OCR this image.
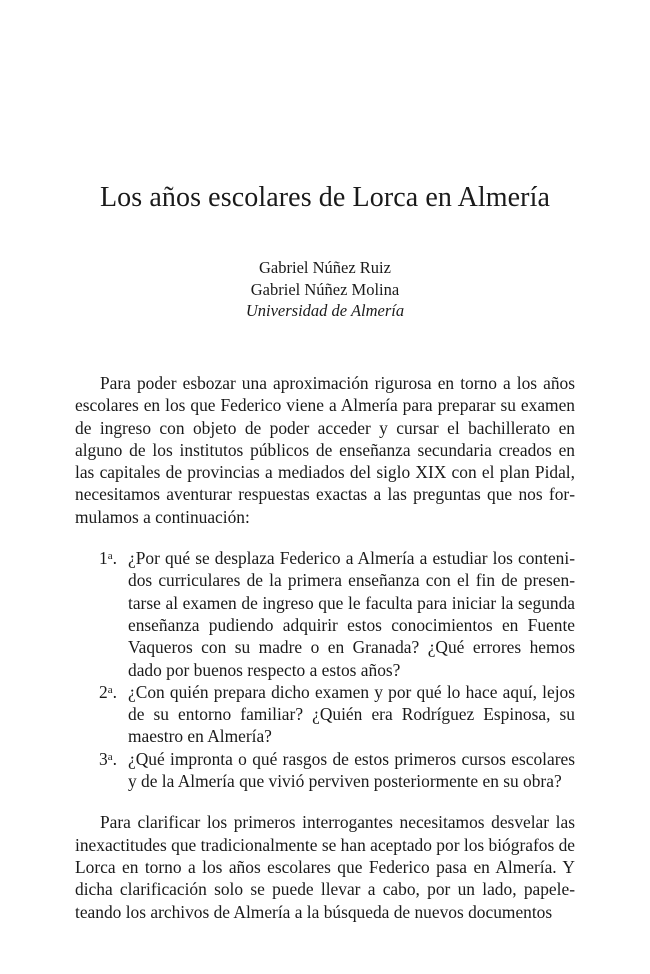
Los años escolares de Lorca en Almería
Gabriel Núñez Ruiz
Gabriel Núñez Molina
Universidad de Almería

Para poder esbozar una aproximación rigurosa en torno a los años escolares en los que Federico viene a Almería para preparar su examen de ingreso con objeto de poder acceder y cursar el bachillerato en alguno de los institutos públicos de enseñanza secundaria creados en las capitales de provincias a mediados del siglo XIX con el plan Pidal, necesitamos aventurar respuestas exactas a las preguntas que nos formulamos a continuación:

1$^a$. ¿Por qué se desplaza Federico a Almería a estudiar los contenidos curriculares de la primera enseñanza con el fin de presentarse al examen de ingreso que le faculta para iniciar la segunda enseñanza pudiendo adquirir estos conocimientos en Fuente Vaqueros con su madre o en Granada? ¿Qué errores hemos dado por buenos respecto a estos años?
2$^a$. ¿Con quién prepara dicho examen y por qué lo hace aquí, lejos de su entorno familiar? ¿Quién era Rodríguez Espinosa, su maestro en Almería?
3$^a$. ¿Qué impronta o qué rasgos de estos primeros cursos escolares y de la Almería que vivió perviven posteriormente en su obra?

Para clarificar los primeros interrogantes necesitamos desvelar las inexactitudes que tradicionalmente se han aceptado por los biógrafos de Lorca en torno a los años escolares que Federico pasa en Almería. Y dicha clarificación solo se puede llevar a cabo, por un lado, papeleteando los archivos de Almería a la búsqueda de nuevos documentos
